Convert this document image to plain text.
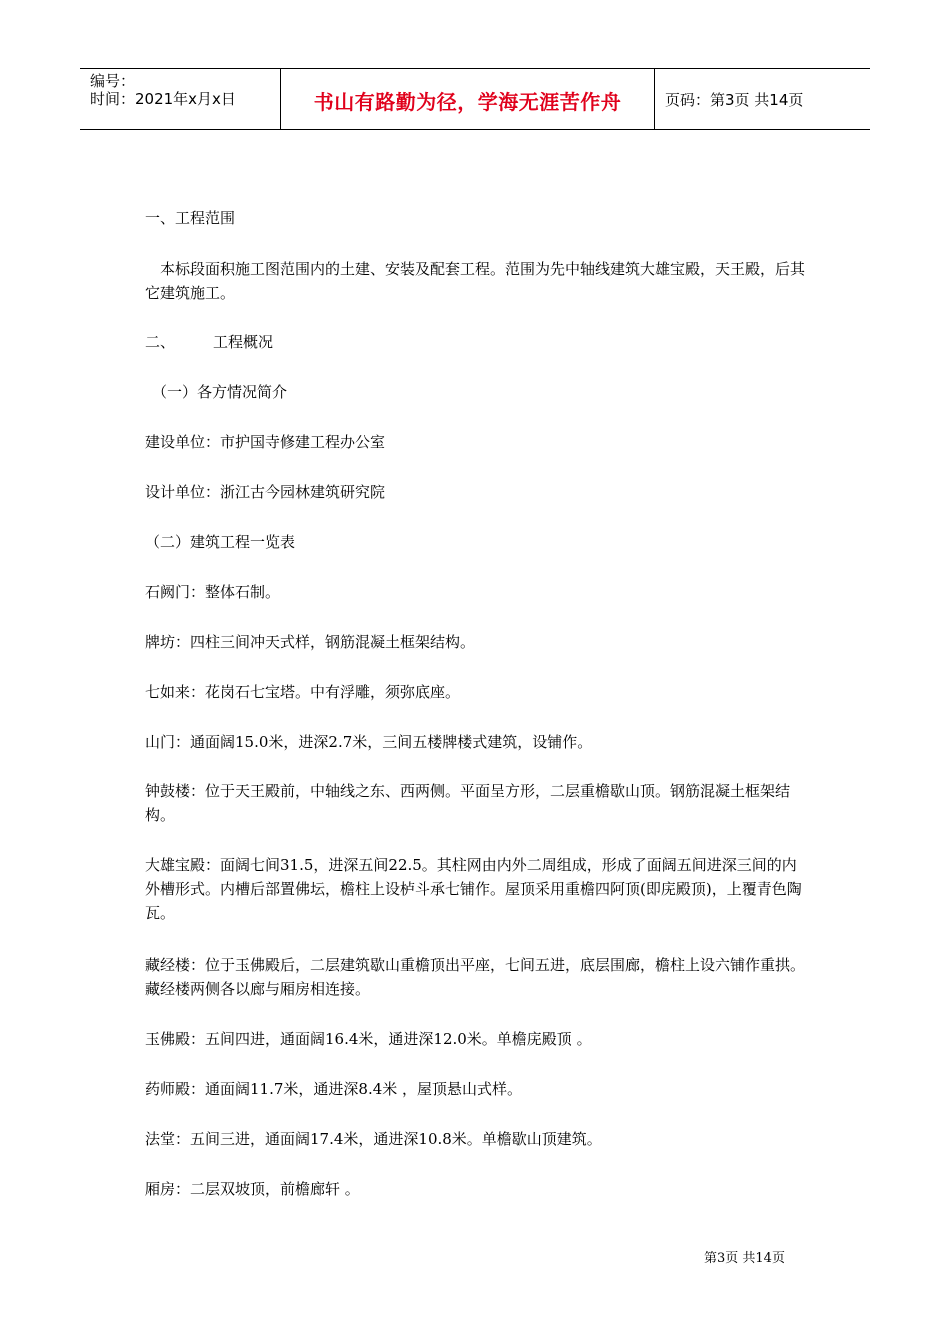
编号：
时间：2021年x月x日	书山有路勤为径，学海无涯苦作舟	页码：第3页 共14页

一、工程范围

本标段面积施工图范围内的土建、安装及配套工程。范围为先中轴线建筑大雄宝殿，天王殿，后其它建筑施工。

二、	工程概况

（一）各方情况简介

建设单位：市护国寺修建工程办公室

设计单位：浙江古今园林建筑研究院

（二）建筑工程一览表

石阙门：整体石制。

牌坊：四柱三间冲天式样，钢筋混凝土框架结构。

七如来：花岗石七宝塔。中有浮雕，须弥底座。

山门：通面阔15.0米，进深2.7米，三间五楼牌楼式建筑，设铺作。

钟鼓楼：位于天王殿前，中轴线之东、西两侧。平面呈方形，二层重檐歇山顶。钢筋混凝土框架结构。

大雄宝殿：面阔七间31.5，进深五间22.5。其柱网由内外二周组成，形成了面阔五间进深三间的内外槽形式。内槽后部置佛坛，檐柱上设栌斗承七铺作。屋顶采用重檐四阿顶(即庑殿顶)，上覆青色陶瓦。

藏经楼：位于玉佛殿后，二层建筑歇山重檐顶出平座，七间五进，底层围廊，檐柱上设六铺作重拱。 藏经楼两侧各以廊与厢房相连接。

玉佛殿：五间四进，通面阔16.4米，通进深12.0米。单檐庑殿顶 。

药师殿：通面阔11.7米，通进深8.4米 ，屋顶悬山式样。

法堂：五间三进，通面阔17.4米，通进深10.8米。单檐歇山顶建筑。

厢房：二层双坡顶，前檐廊轩 。

第3页 共14页
